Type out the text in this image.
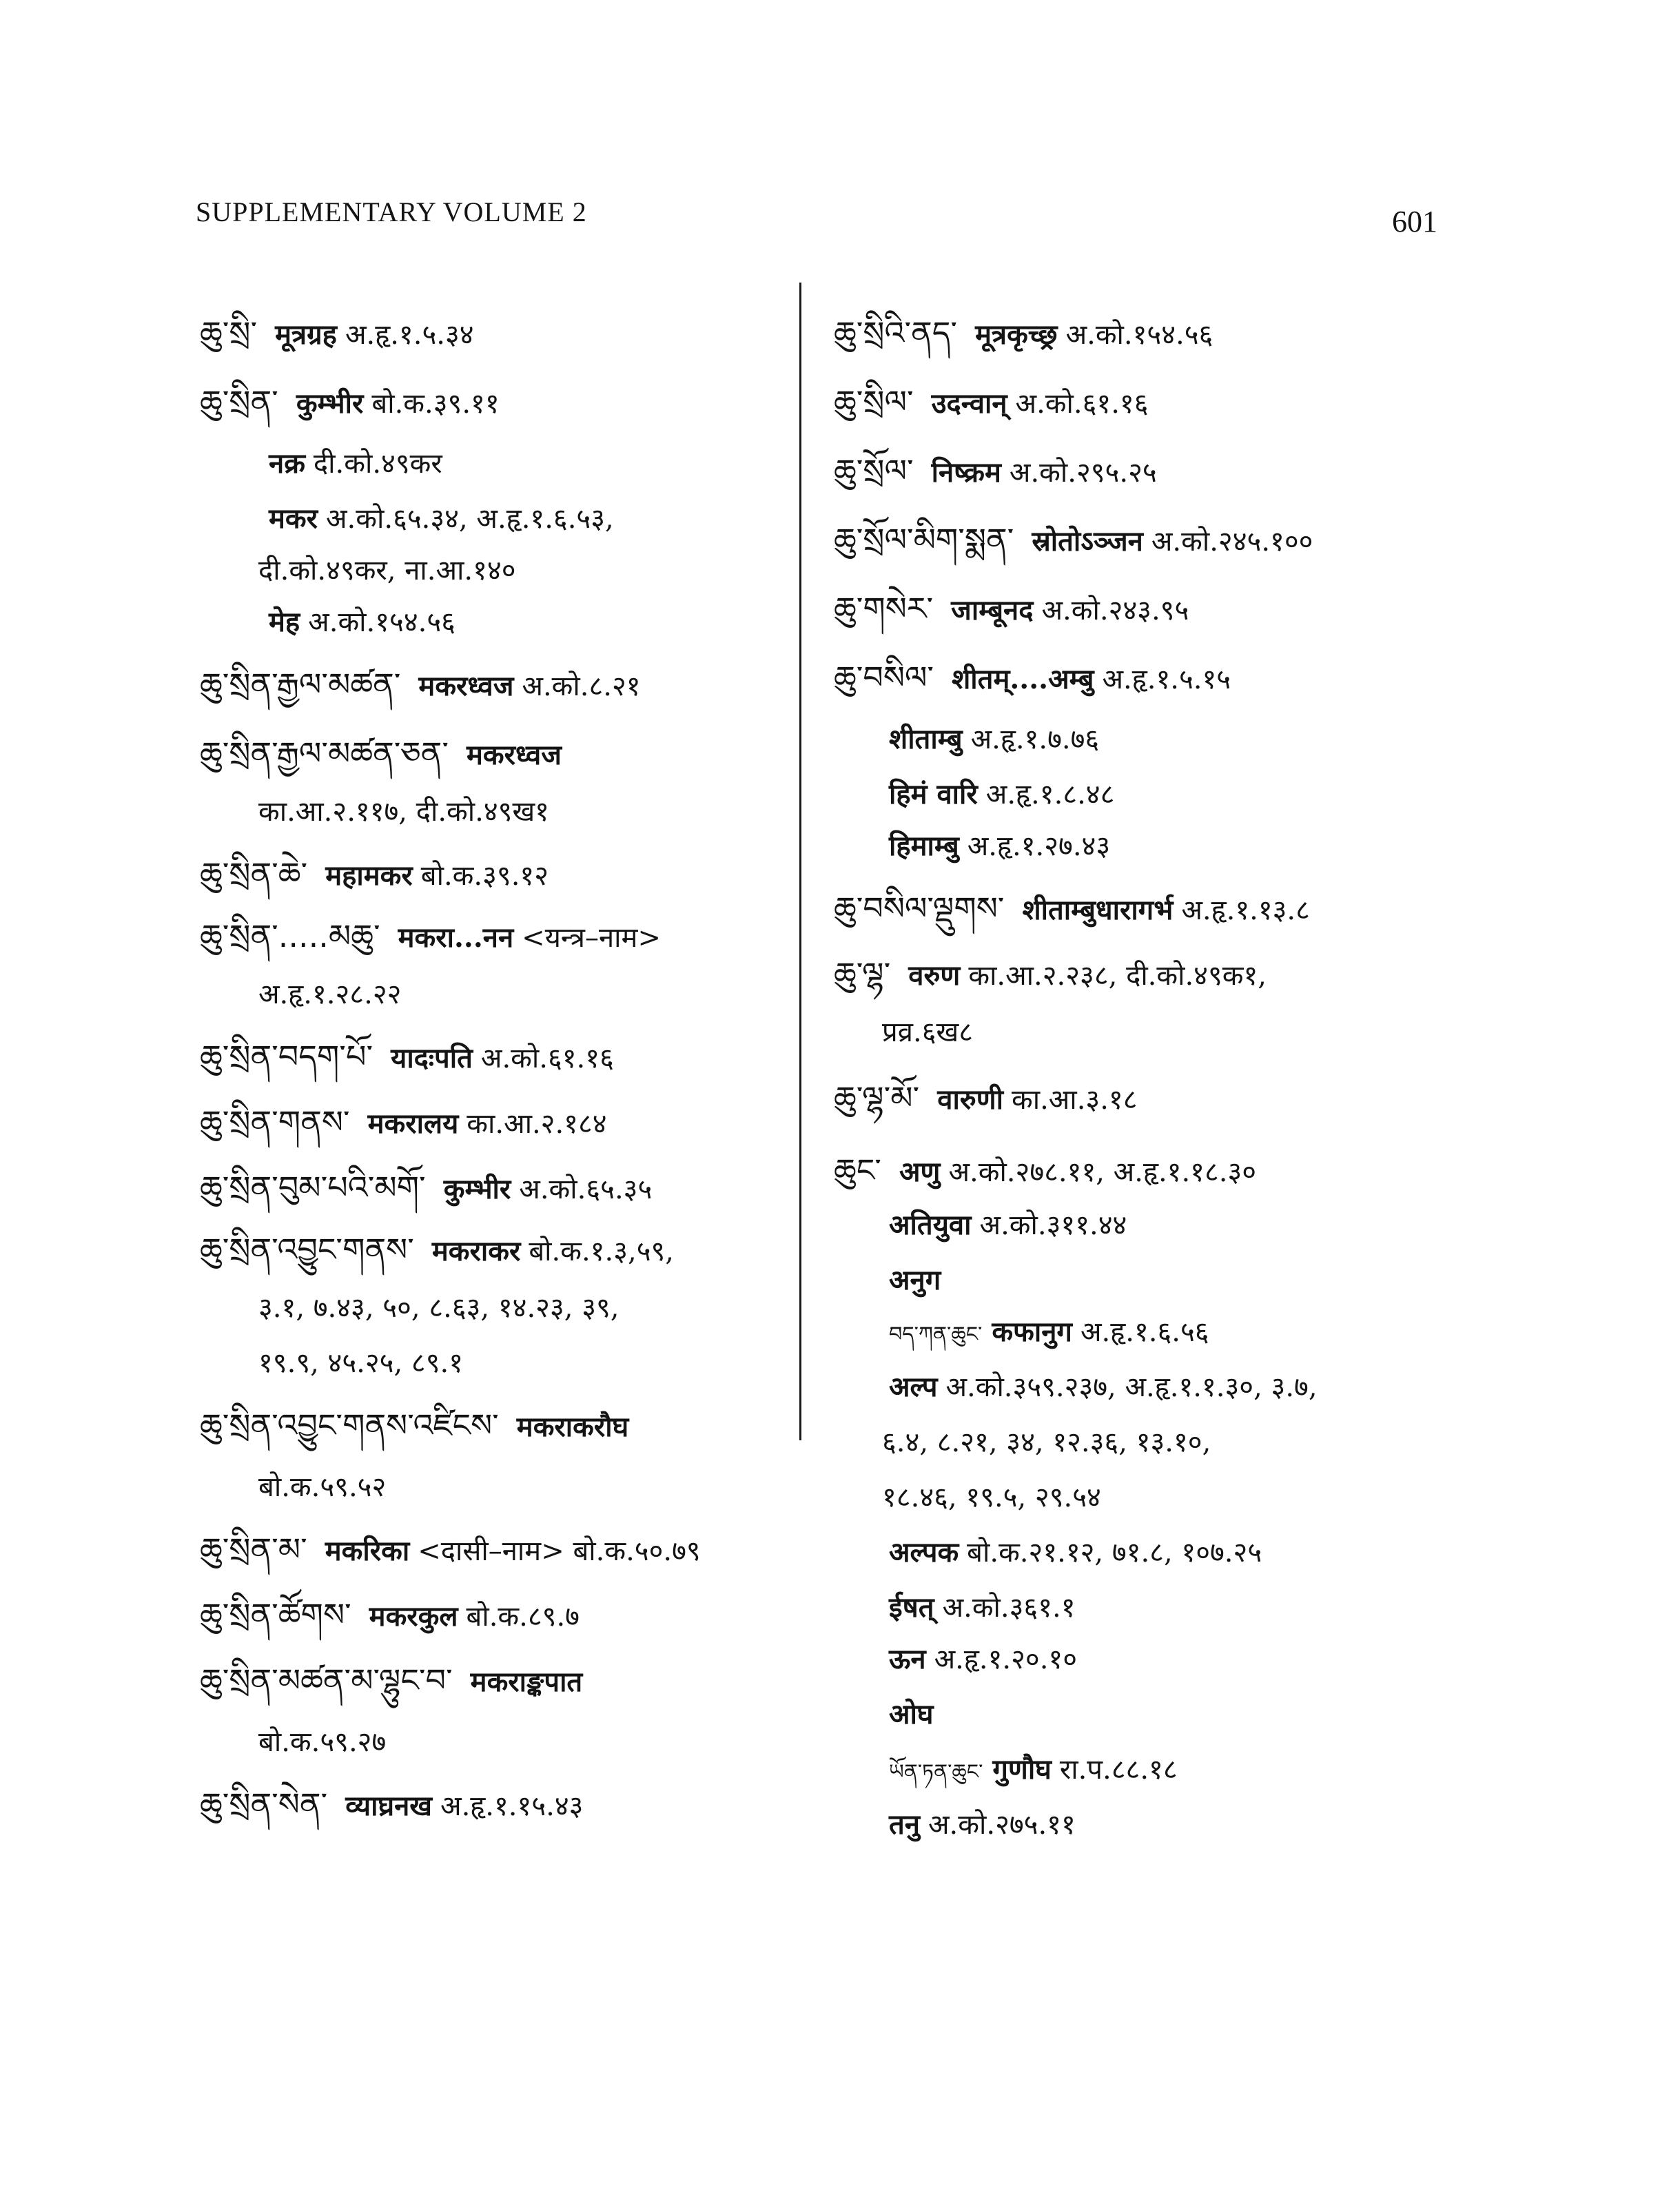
SUPPLEMENTARY VOLUME 2	601
ཆུ་སྲི་ मूत्रग्रह अ.हृ.१.५.३४
ཆུ་སྲིན་ कुम्भीर बो.क.३९.११
नक्र दी.को.४९कर
मकर अ.को.६५.३४, अ.हृ.१.६.५३,
दी.को.४९कर, ना.आ.१४०
मेह अ.को.१५४.५६
ཆུ་སྲིན་རྒྱལ་མཚན་ मकरध्वज अ.को.८.२१
ཆུ་སྲིན་རྒྱལ་མཚན་ཅན་ मकरध्वज
का.आ.२.११७, दी.को.४९ख१
ཆུ་སྲིན་ཆེ་ महामकर बो.क.३९.१२
ཆུ་སྲིན་.....མཆུ་ मकरा...नन <यन्त्र–नाम>
अ.हृ.१.२८.२२
ཆུ་སྲིན་བདག་པོ་ यादःपति अ.को.६१.१६
ཆུ་སྲིན་གནས་ मकरालय का.आ.२.१८४
ཆུ་སྲིན་བུམ་པའི་མགོ་ कुम्भीर अ.को.६५.३५
ཆུ་སྲིན་འབྱུང་གནས་ मकराकर बो.क.१.३,५९,
३.१, ७.४३, ५०, ८.६३, १४.२३, ३९,
१९.९, ४५.२५, ८९.१
ཆུ་སྲིན་འབྱུང་གནས་འཛིངས་ मकराकरौघ
बो.क.५९.५२
ཆུ་སྲིན་མ་ मकरिका <दासी–नाम> बो.क.५०.७९
ཆུ་སྲིན་ཚོགས་ मकरकुल बो.क.८९.७
ཆུ་སྲིན་མཚན་མ་ལྷུང་བ་ मकराङ्कपात
बो.क.५९.२७
ཆུ་སྲིན་སེན་ व्याघ्रनख अ.हृ.१.१५.४३
ཆུ་སྲིའི་ནད་ मूत्रकृच्छ्र अ.को.१५४.५६
ཆུ་སྲིལ་ उदन्वान् अ.को.६१.१६
ཆུ་སྲོལ་ निष्क्रम अ.को.२९५.२५
ཆུ་སྲོལ་མིག་སྨན་ स्रोतोऽञ्जन अ.को.२४५.१००
ཆུ་གསེར་ जाम्बूनद अ.को.२४३.९५
ཆུ་བསིལ་ शीतम्....अम्बु अ.हृ.१.५.१५
शीताम्बु अ.हृ.१.७.७६
हिमं वारि अ.हृ.१.८.४८
हिमाम्बु अ.हृ.१.२७.४३
ཆུ་བསིལ་ལྡུགས་ शीताम्बुधारागर्भ अ.हृ.१.१३.८
ཆུ་ལྷ་ वरुण का.आ.२.२३८, दी.को.४९क१,
प्रव्र.६ख८
ཆུ་ལྷ་མོ་ वारुणी का.आ.३.१८
ཆུང་ अणु अ.को.२७८.११, अ.हृ.१.१८.३०
अतियुवा अ.को.३११.४४
अनुग
བད་ཀན་ཆུང་ कफानुग अ.हृ.१.६.५६
अल्प अ.को.३५९.२३७, अ.हृ.१.१.३०, ३.७,
६.४, ८.२१, ३४, १२.३६, १३.१०,
१८.४६, १९.५, २९.५४
अल्पक बो.क.२१.१२, ७१.८, १०७.२५
ईषत् अ.को.३६१.१
ऊन अ.हृ.१.२०.१०
ओघ
ཡོན་ཏན་ཆུང་ गुणौघ रा.प.८८.१८
तनु अ.को.२७५.११
